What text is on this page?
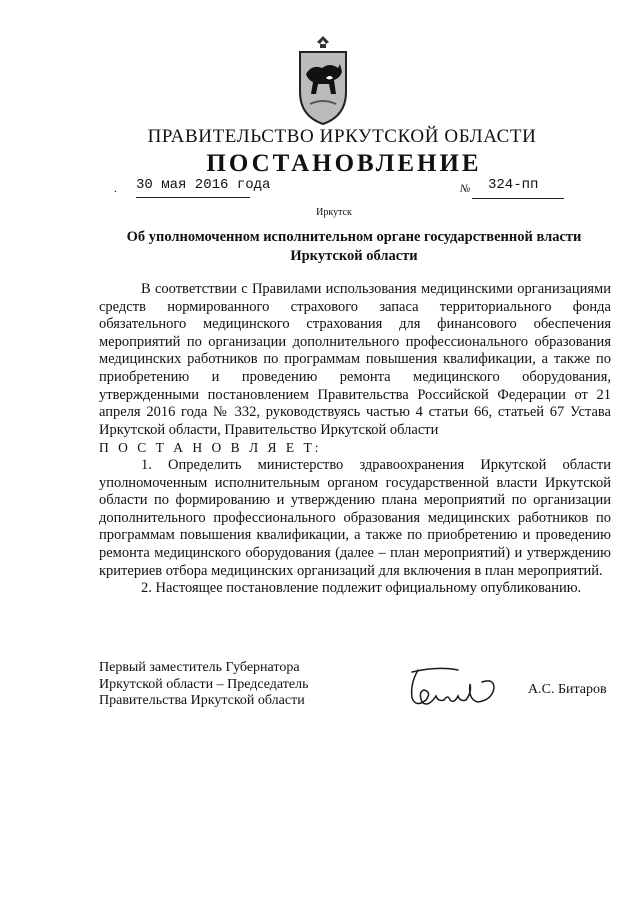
ПРАВИТЕЛЬСТВО ИРКУТСКОЙ ОБЛАСТИ
ПОСТАНОВЛЕНИЕ
. 30 мая 2016 года	№ 324-пп
Иркутск
Об уполномоченном исполнительном органе государственной власти
Иркутской области

В соответствии с Правилами использования медицинскими организациями средств нормированного страхового запаса территориального фонда обязательного медицинского страхования для финансового обеспечения мероприятий по организации дополнительного профессионального образования медицинских работников по программам повышения квалификации, а также по приобретению и проведению ремонта медицинского оборудования, утвержденными постановлением Правительства Российской Федерации от 21 апреля 2016 года № 332, руководствуясь частью 4 статьи 66, статьей 67 Устава Иркутской области, Правительство Иркутской области

П О С Т А Н О В Л Я Е Т:

1. Определить министерство здравоохранения Иркутской области уполномоченным исполнительным органом государственной власти Иркутской области по формированию и утверждению плана мероприятий по организации дополнительного профессионального образования медицинских работников по программам повышения квалификации, а также по приобретению и проведению ремонта медицинского оборудования (далее – план мероприятий) и утверждению критериев отбора медицинских организаций для включения в план мероприятий.

2. Настоящее постановление подлежит официальному опубликованию.

Первый заместитель Губернатора
Иркутской области – Председатель
Правительства Иркутской области
А.С. Битаров
